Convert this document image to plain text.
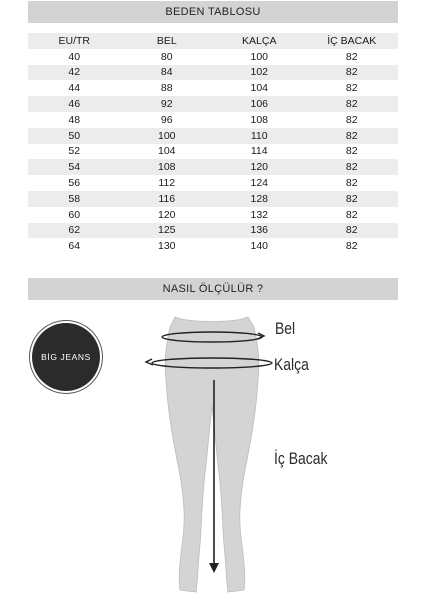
BEDEN TABLOSU
EU/TR	BEL	KALÇA	İÇ BACAK
40	80	100	82
42	84	102	82
44	88	104	82
46	92	106	82
48	96	108	82
50	100	110	82
52	104	114	82
54	108	120	82
56	112	124	82
58	116	128	82
60	120	132	82
62	125	136	82
64	130	140	82
NASIL ÖLÇÜLÜR ?
BİG JEANS
Bel
Kalça
İç Bacak
